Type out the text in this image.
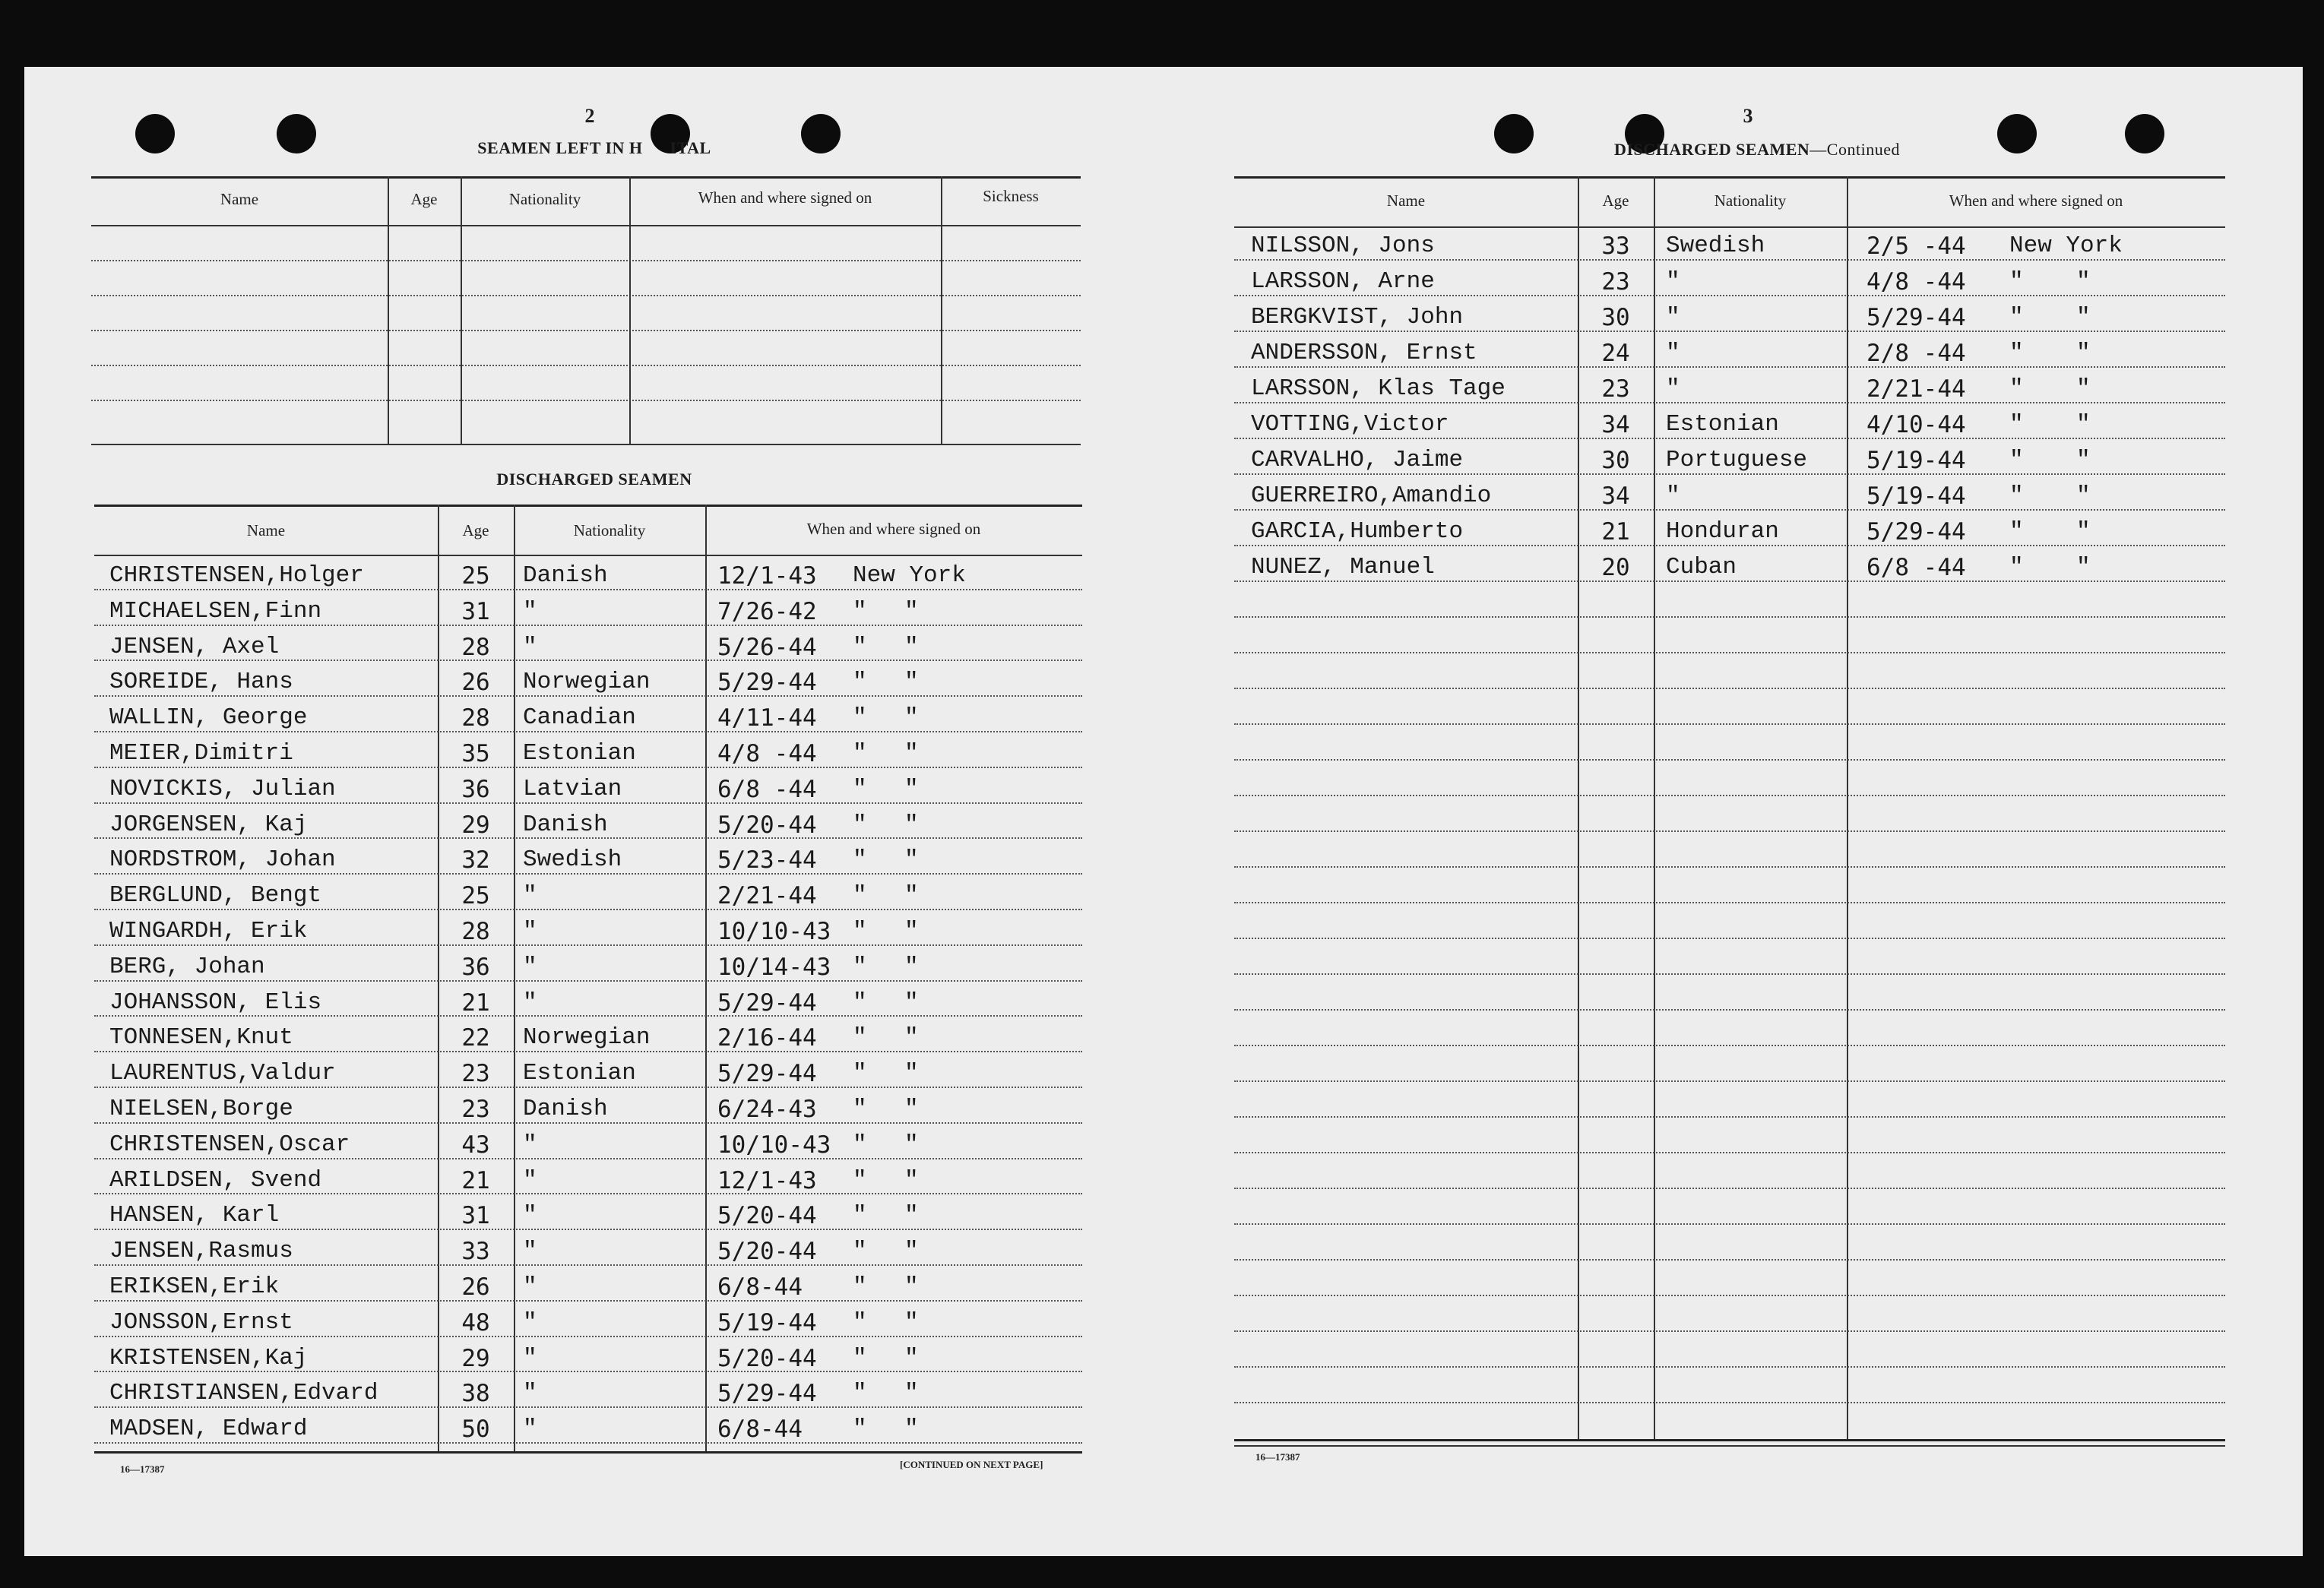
2
SEAMEN LEFT IN H ITAL
Name	Age	Nationality	When and where signed on	Sickness
DISCHARGED SEAMEN
Name	Age	Nationality	When and where signed on
CHRISTENSEN,Holger	25	Danish	12/1-43 New York
MICHAELSEN,Finn	31	"	7/26-42 " "
JENSEN, Axel	28	"	5/26-44 " "
SOREIDE, Hans	26	Norwegian	5/29-44 " "
WALLIN, George	28	Canadian	4/11-44 " "
MEIER,Dimitri	35	Estonian	4/8 -44 " "
NOVICKIS, Julian	36	Latvian	6/8 -44 " "
JORGENSEN, Kaj	29	Danish	5/20-44 " "
NORDSTROM, Johan	32	Swedish	5/23-44 " "
BERGLUND, Bengt	25	"	2/21-44 " "
WINGARDH, Erik	28	"	10/10-43 " "
BERG, Johan	36	"	10/14-43 " "
JOHANSSON, Elis	21	"	5/29-44 " "
TONNESEN,Knut	22	Norwegian	2/16-44 " "
LAURENTUS,Valdur	23	Estonian	5/29-44 " "
NIELSEN,Borge	23	Danish	6/24-43 " "
CHRISTENSEN,Oscar	43	"	10/10-43 " "
ARILDSEN, Svend	21	"	12/1-43 " "
HANSEN, Karl	31	"	5/20-44 " "
JENSEN,Rasmus	33	"	5/20-44 " "
ERIKSEN,Erik	26	"	6/8-44 " "
JONSSON,Ernst	48	"	5/19-44 " "
KRISTENSEN,Kaj	29	"	5/20-44 " "
CHRISTIANSEN,Edvard	38	"	5/29-44 " "
MADSEN, Edward	50	"	6/8-44 " "
16—17387	[CONTINUED ON NEXT PAGE]
3
DISCHARGED SEAMEN—Continued
Name	Age	Nationality	When and where signed on
NILSSON, Jons	33	Swedish	2/5 -44 New York
LARSSON, Arne	23	"	4/8 -44 " "
BERGKVIST, John	30	"	5/29-44 " "
ANDERSSON, Ernst	24	"	2/8 -44 " "
LARSSON, Klas Tage	23	"	2/21-44 " "
VOTTING,Victor	34	Estonian	4/10-44 " "
CARVALHO, Jaime	30	Portuguese	5/19-44 " "
GUERREIRO,Amandio	34	"	5/19-44 " "
GARCIA,Humberto	21	Honduran	5/29-44 " "
NUNEZ, Manuel	20	Cuban	6/8 -44 " "
16—17387
